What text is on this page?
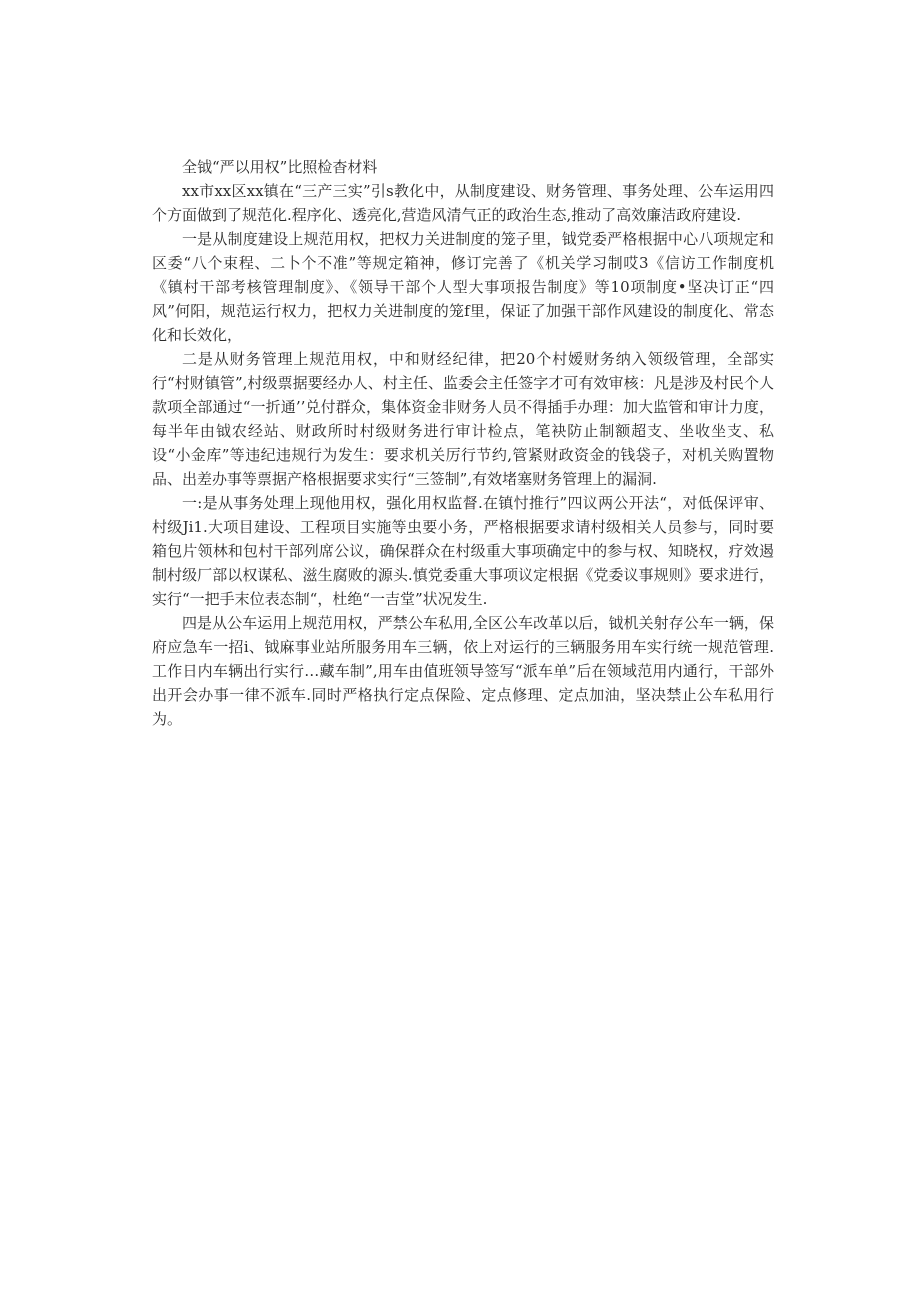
全钺“严以用权”比照检杳材料

xx市xx区xx镇在“三产三实”引s教化中，从制度建设、财务管理、事务处理、公车运用四个方面做到了规范化.程序化、透亮化,营造风清气正的政治生态,推动了高效廉洁政府建设.

一是从制度建设上规范用权，把权力关进制度的笼子里，钺党委严格根据中心八项规定和区委“八个束程、二卜个不准”等规定箱神，修订完善了《机关学习制哎3《信访工作制度机《镇村干部考核管理制度》、《领导干部个人型大事项报告制度》等10项制度•坚决订正“四风”何阳，规范运行权力，把权力关进制度的笼f里，保证了加强干部作风建设的制度化、常态化和长效化，

二是从财务管理上规范用权，中和财经纪律，把20个村嫒财务纳入领级管理，全部实行“村财镇管”,村级票据要经办人、村主任、监委会主任签字才可有效审核：凡是涉及村民个人款项全部通过“一折通’’兑付群众，集体资金非财务人员不得插手办理：加大监管和审计力度，每半年由钺农经站、财政所时村级财务进行审计检点，笔袂防止制额超支、坐收坐支、私设“小金库”等违纪违规行为发生：要求机关厉行节约,管紧财政资金的钱袋子，对机关购置物品、出差办事等票据产格根据要求实行“三签制”,有效堵塞财务管理上的漏洞.

一:是从事务处理上现他用权，强化用权监督.在镇忖推行”四议两公开法“，对低保评审、村级Ji1.大项目建设、工程项目实施等虫要小务，严格根据要求请村级相关人员参与，同时要箱包片领林和包村干部列席公议，确保群众在村级重大事项确定中的参与权、知晓权，疗效遏制村级厂部以权谋私、滋生腐败的源头.慎党委重大事项议定根据《党委议事规则》要求进行，实行“一把手末位表态制“，杜绝“一吉堂”状况发生.

四是从公车运用上规范用权，严禁公车私用,全区公车改革以后，钺机关射存公车一辆，保府应急车一招i、钺麻事业站所服务用车三辆，依上对运行的三辆服务用车实行统一规范管理.工作日内车辆出行实行…藏车制”,用车由值班领导签写“派车单”后在领域范用内通行，干部外出开会办事一律不派车.同时严格执行定点保险、定点修理、定点加油，坚决禁止公车私用行为。
